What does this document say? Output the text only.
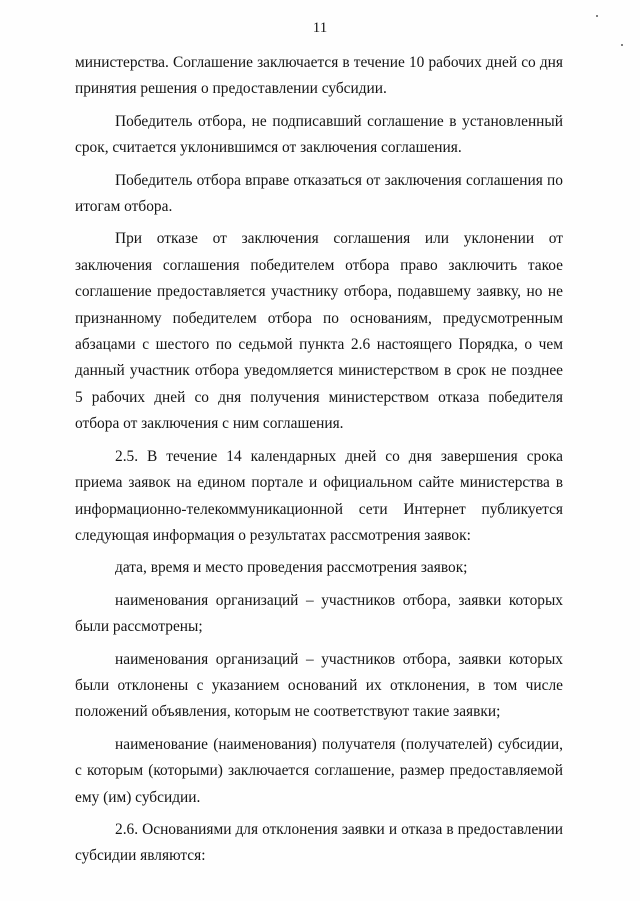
11

министерства. Соглашение заключается в течение 10 рабочих дней со дня принятия решения о предоставлении субсидии.

Победитель отбора, не подписавший соглашение в установленный срок, считается уклонившимся от заключения соглашения.

Победитель отбора вправе отказаться от заключения соглашения по итогам отбора.

При отказе от заключения соглашения или уклонении от заключения соглашения победителем отбора право заключить такое соглашение предоставляется участнику отбора, подавшему заявку, но не признанному победителем отбора по основаниям, предусмотренным абзацами с шестого по седьмой пункта 2.6 настоящего Порядка, о чем данный участник отбора уведомляется министерством в срок не позднее 5 рабочих дней со дня получения министерством отказа победителя отбора от заключения с ним соглашения.

2.5. В течение 14 календарных дней со дня завершения срока приема заявок на едином портале и официальном сайте министерства в информационно-телекоммуникационной сети Интернет публикуется следующая информация о результатах рассмотрения заявок:

дата, время и место проведения рассмотрения заявок;

наименования организаций – участников отбора, заявки которых были рассмотрены;

наименования организаций – участников отбора, заявки которых были отклонены с указанием оснований их отклонения, в том числе положений объявления, которым не соответствуют такие заявки;

наименование (наименования) получателя (получателей) субсидии, с которым (которыми) заключается соглашение, размер предоставляемой ему (им) субсидии.

2.6. Основаниями для отклонения заявки и отказа в предоставлении субсидии являются:
